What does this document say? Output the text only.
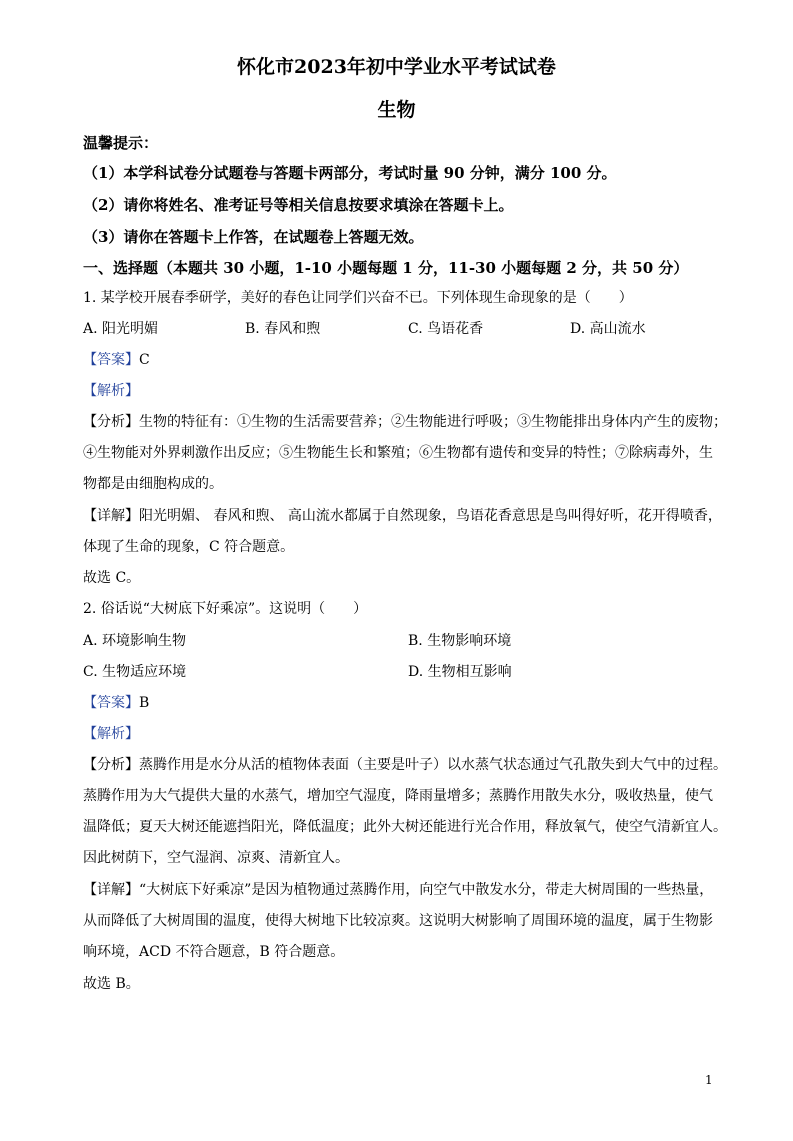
怀化市2023年初中学业水平考试试卷
生物
温馨提示：
（1）本学科试卷分试题卷与答题卡两部分，考试时量 90 分钟，满分 100 分。
（2）请你将姓名、准考证号等相关信息按要求填涂在答题卡上。
（3）请你在答题卡上作答，在试题卷上答题无效。
一、选择题（本题共 30 小题，1-10 小题每题 1 分，11-30 小题每题 2 分，共 50 分）
1. 某学校开展春季研学，美好的春色让同学们兴奋不已。下列体现生命现象的是（　　）
A. 阳光明媚	B. 春风和煦	C. 鸟语花香	D. 高山流水
【答案】C
【解析】
【分析】生物的特征有：①生物的生活需要营养；②生物能进行呼吸；③生物能排出身体内产生的废物；
④生物能对外界刺激作出反应；⑤生物能生长和繁殖；⑥生物都有遗传和变异的特性；⑦除病毒外，生
物都是由细胞构成的。
【详解】阳光明媚、 春风和煦、 高山流水都属于自然现象，鸟语花香意思是鸟叫得好听，花开得喷香，
体现了生命的现象，C 符合题意。
故选 C。
2. 俗话说“大树底下好乘凉”。这说明（　　）
A. 环境影响生物	B. 生物影响环境
C. 生物适应环境	D. 生物相互影响
【答案】B
【解析】
【分析】蒸腾作用是水分从活的植物体表面（主要是叶子）以水蒸气状态通过气孔散失到大气中的过程。
蒸腾作用为大气提供大量的水蒸气，增加空气湿度，降雨量增多；蒸腾作用散失水分，吸收热量，使气
温降低；夏天大树还能遮挡阳光，降低温度；此外大树还能进行光合作用，释放氧气，使空气清新宜人。
因此树荫下，空气湿润、凉爽、清新宜人。
【详解】“大树底下好乘凉”是因为植物通过蒸腾作用，向空气中散发水分，带走大树周围的一些热量，
从而降低了大树周围的温度，使得大树地下比较凉爽。这说明大树影响了周围环境的温度，属于生物影
响环境，ACD 不符合题意，B 符合题意。
故选 B。
1
